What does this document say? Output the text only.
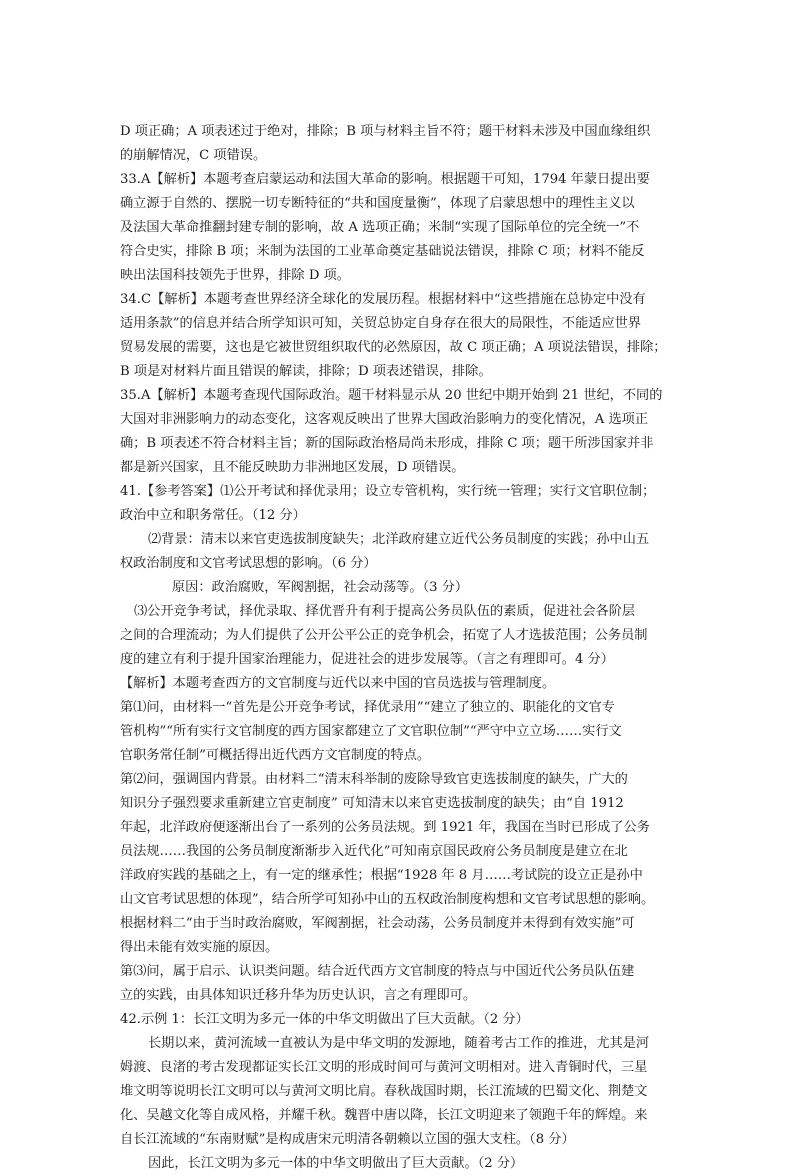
D 项正确；A 项表述过于绝对，排除；B 项与材料主旨不符；题干材料未涉及中国血缘组织
的崩解情况，C 项错误。
33.A【解析】本题考查启蒙运动和法国大革命的影响。根据题干可知，1794 年蒙日提出要
确立源于自然的、摆脱一切专断特征的“共和国度量衡”，体现了启蒙思想中的理性主义以
及法国大革命推翻封建专制的影响，故 A 选项正确；米制“实现了国际单位的完全统一”不
符合史实，排除 B 项；米制为法国的工业革命奠定基础说法错误，排除 C 项；材料不能反
映出法国科技领先于世界，排除 D 项。
34.C【解析】本题考查世界经济全球化的发展历程。根据材料中“这些措施在总协定中没有
适用条款”的信息并结合所学知识可知，关贸总协定自身存在很大的局限性，不能适应世界
贸易发展的需要，这也是它被世贸组织取代的必然原因，故 C 项正确；A 项说法错误，排除；
B 项是对材料片面且错误的解读，排除；D 项表述错误，排除。
35.A【解析】本题考查现代国际政治。题干材料显示从 20 世纪中期开始到 21 世纪，不同的
大国对非洲影响力的动态变化，这客观反映出了世界大国政治影响力的变化情况，A 选项正
确；B 项表述不符合材料主旨；新的国际政治格局尚未形成，排除 C 项；题干所涉国家并非
都是新兴国家，且不能反映助力非洲地区发展，D 项错误。
41.【参考答案】⑴公开考试和择优录用；设立专管机构，实行统一管理；实行文官职位制；
政治中立和职务常任。（12 分）
⑵背景：清末以来官吏选拔制度缺失；北洋政府建立近代公务员制度的实践；孙中山五
权政治制度和文官考试思想的影响。（6 分）
原因：政治腐败，军阀割据，社会动荡等。（3 分）
⑶公开竞争考试，择优录取、择优晋升有利于提高公务员队伍的素质，促进社会各阶层
之间的合理流动；为人们提供了公开公平公正的竞争机会，拓宽了人才选拔范围；公务员制
度的建立有利于提升国家治理能力，促进社会的进步发展等。（言之有理即可。4 分）
【解析】本题考查西方的文官制度与近代以来中国的官员选拔与管理制度。
第⑴问，由材料一“首先是公开竞争考试，择优录用”“建立了独立的、职能化的文官专
管机构”“所有实行文官制度的西方国家都建立了文官职位制”“严守中立立场……实行文
官职务常任制”可概括得出近代西方文官制度的特点。
第⑵问，强调国内背景。由材料二“清末科举制的废除导致官吏选拔制度的缺失，广大的
知识分子强烈要求重新建立官吏制度” 可知清末以来官吏选拔制度的缺失；由“自 1912
年起，北洋政府便逐渐出台了一系列的公务员法规。到 1921 年，我国在当时已形成了公务
员法规……我国的公务员制度渐渐步入近代化”可知南京国民政府公务员制度是建立在北
洋政府实践的基础之上，有一定的继承性；根据“1928 年 8 月……考试院的设立正是孙中
山文官考试思想的体现”，结合所学可知孙中山的五权政治制度构想和文官考试思想的影响。
根据材料二“由于当时政治腐败，军阀割据，社会动荡，公务员制度并未得到有效实施”可
得出未能有效实施的原因。
第⑶问，属于启示、认识类问题。结合近代西方文官制度的特点与中国近代公务员队伍建
立的实践，由具体知识迁移升华为历史认识，言之有理即可。
42.示例 1：长江文明为多元一体的中华文明做出了巨大贡献。（2 分）
长期以来，黄河流域一直被认为是中华文明的发源地，随着考古工作的推进，尤其是河
姆渡、良渚的考古发现都证实长江文明的形成时间可与黄河文明相对。进入青铜时代，三星
堆文明等说明长江文明可以与黄河文明比肩。春秋战国时期，长江流域的巴蜀文化、荆楚文
化、吴越文化等自成风格，并耀千秋。魏晋中唐以降，长江文明迎来了领跑千年的辉煌。来
自长江流域的“东南财赋”是构成唐宋元明清各朝赖以立国的强大支柱。（8 分）
因此，长江文明为多元一体的中华文明做出了巨大贡献。（2 分）
